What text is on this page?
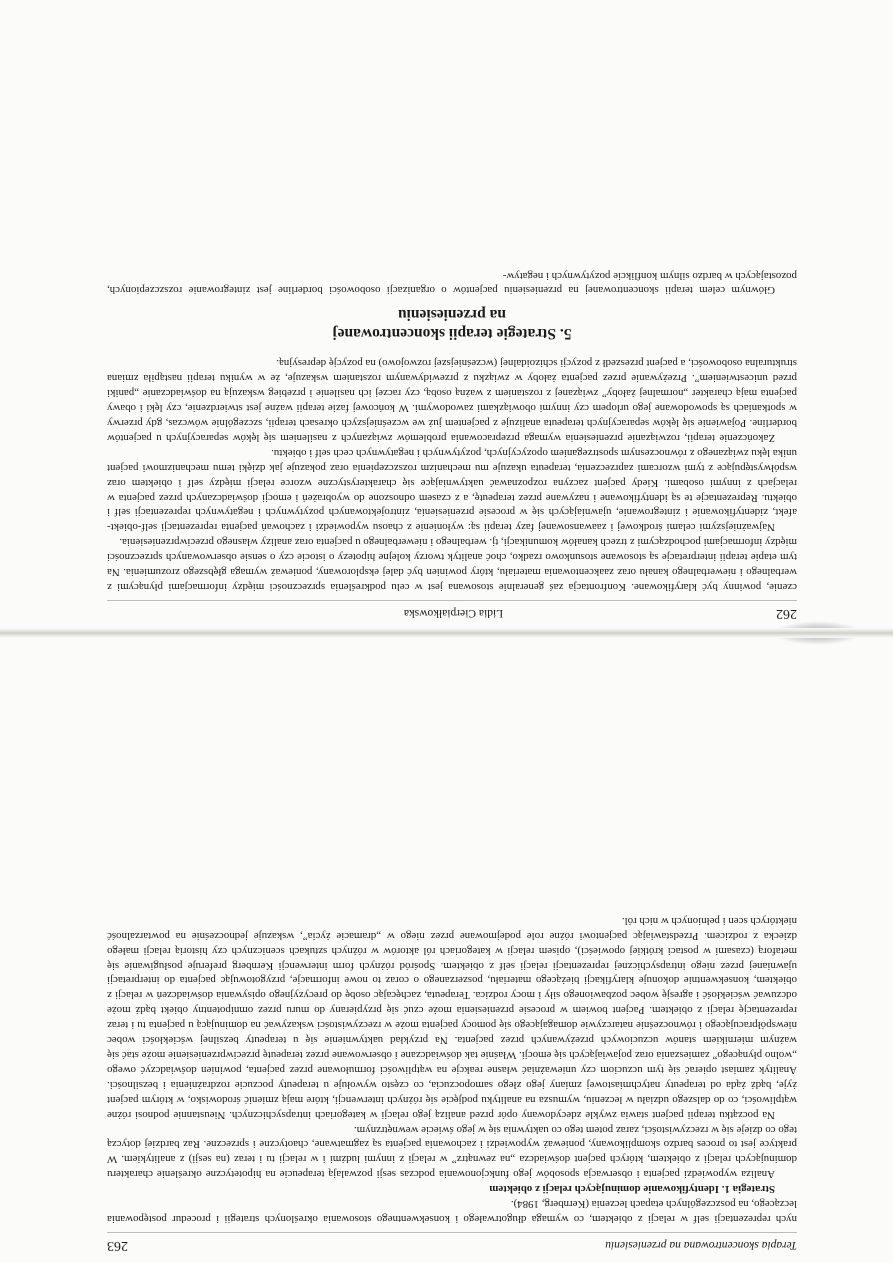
Terapia skoncentrowana na przeniesieniu
263

nych reprezentacji self w relacji z obiektem, co wymaga długotrwałego i konsekwentnego stosowania określonych strategii i procedur postępowania leczącego, na poszczególnych etapach leczenia (Kernberg, 1984).

Strategia 1. Identyfikowanie dominujących relacji z obiektem

Analiza wypowiedzi pacjenta i obserwacja sposobów jego funkcjonowania podczas sesji pozwalają terapeucie na hipotetyczne określenie charakteru dominujących relacji z obiektem, których pacjent doświadcza „na zewnątrz” w relacji z innymi ludźmi i w relacji tu i teraz (na sesji) z analitykiem. W praktyce jest to proces bardzo skomplikowany, ponieważ wypowiedzi i zachowania pacjenta są zagmatwane, chaotyczne i sprzeczne. Raz bardziej dotyczą tego co dzieje się w rzeczywistości, zaraz potem tego co uaktywnia się w jego świecie wewnętrznym.

Na początku terapii pacjent stawia zwykle zdecydowany opór przed analizą jego relacji w kategoriach intrapsychicznych. Nieustannie podnosi różne wątpliwości, co do dalszego udziału w leczeniu, wymusza na analityku podjęcie się różnych interwencji, które mają zmienić środowisko, w którym pacjent żyje, bądź żąda od terapeuty natychmiastowej zmiany jego złego samopoczucia, co często wywołuje u terapeuty poczucie rozdrażnienia i bezsilności. Analityk zamiast opierać się tym uczuciom czy unieważniać własne reakcje na wątpliwości formułowane przez pacjenta, powinien doświadczyć owego „wolno płynącego” zamieszania oraz pojawiających się emocji. Właśnie tak doświadczane i obserwowane przez terapeutę przeciwprzeniesienie może stać się ważnym miernikiem stanów uczuciowych przeżywanych przez pacjenta. Na przykład uaktywnienie się u terapeuty bezsilnej wściekłości wobec niewspółpracującego i równocześnie natarczywie domagającego się pomocy pacjenta może w rzeczywistości wskazywać na dominującą u pacjenta tu i teraz reprezentację relacji z obiektem. Pacjent bowiem w procesie przeniesienia może czuć się przypierany do muru przez omnipotentny obiekt bądź może odczuwać wściekłość i agresję wobec pozbawionego siły i mocy rodzica. Terapeuta, zachęcając osobę do precyzyjnego opisywania doświadczeń w relacji z obiektem, konsekwentnie dokonuje klaryfikacji bieżącego materiału, poszerzanego o coraz to nowe informacje, przygotowując pacjenta do interpretacji ujawnianej przez niego intrapsychicznej reprezentacji relacji self z obiektem. Spośród różnych form interwencji Kernberg preferuje posługiwanie się metaforą (czasami w postaci krótkiej opowieści), opisem relacji w kategoriach ról aktorów w różnych sztukach scenicznych czy historią relacji małego dziecka z rodzicem. Przedstawiając pacjentowi różne role podejmowane przez niego w „dramacie życia”, wskazuje jednocześnie na powtarzalność niektórych scen i pełnionych w nich ról.

262
Lidia Cierpiałkowska

czenie, powinny być klaryfikowane. Konfrontacja zaś generalnie stosowana jest w celu podkreślenia sprzeczności między informacjami płynącymi z werbalnego i niewerbalnego kanału oraz zaakcentowania materiału, który powinien być dalej eksplorowany, ponieważ wymaga głębszego zrozumienia. Na tym etapie terapii interpretacje są stosowane stosunkowo rzadko, choć analityk tworzy kolejne hipotezy o istocie czy o sensie obserwowanych sprzeczności między informacjami pochodzącymi z trzech kanałów komunikacji, tj. werbalnego i niewerbalnego u pacjenta oraz analizy własnego przeciwprzeniesienia.

Najważniejszymi celami środkowej i zaawansowanej fazy terapii są: wyłonienie z chaosu wypowiedzi i zachowań pacjenta reprezentacji self-obiekt-afekt, zidentyfikowanie i zintegrowanie, ujawniających się w procesie przeniesienia, zintrojektowanych pozytywnych i negatywnych reprezentacji self i obiektu. Reprezentacje te są identyfikowane i nazywane przez terapeutę, a z czasem odnoszone do wyobrażeń i emocji doświadczanych przez pacjenta w relacjach z innymi osobami. Kiedy pacjent zaczyna rozpoznawać uaktywniające się charakterystyczne wzorce relacji między self i obiektem oraz współwystępujące z tymi wzorcami zaprzeczenia, terapeuta ukazuje mu mechanizm rozszczepienia oraz pokazuje jak dzięki temu mechanizmowi pacjent unika lęku związanego z równoczesnym spostrzeganiem opozycyjnych, pozytywnych i negatywnych cech self i obiektu.

Zakończenie terapii, rozwiązanie przeniesienia wymaga przepracowania problemów związanych z nasileniem się lęków separacyjnych u pacjentów borderline. Pojawienie się lęków separacyjnych terapeuta analizuje z pacjentem już we wcześniejszych okresach terapii, szczególnie wówczas, gdy przerwy w spotkaniach są spowodowane jego urlopem czy innymi obowiązkami zawodowymi. W końcowej fazie terapii ważne jest stwierdzenie, czy lęki i obawy pacjenta mają charakter „normalnej żałoby” związanej z rozstaniem z ważną osobą, czy raczej ich nasilenie i przebieg wskazują na doświadczanie „paniki przed unicestwieniem”. Przeżywanie przez pacjenta żałoby w związku z przewidywanym rozstaniem wskazuje, że w wyniku terapii nastąpiła zmiana strukturalna osobowości, a pacjent przeszedł z pozycji schizoidalnej (wcześniejszej rozwojowo) na pozycję depresyjną.

5. Strategie terapii skoncentrowanej
na przeniesieniu

Głównym celem terapii skoncentrowanej na przeniesieniu pacjentów o organizacji osobowości borderline jest zintegrowanie rozszczepionych, pozostających w bardzo silnym konflikcie pozytywnych i negatyw-
